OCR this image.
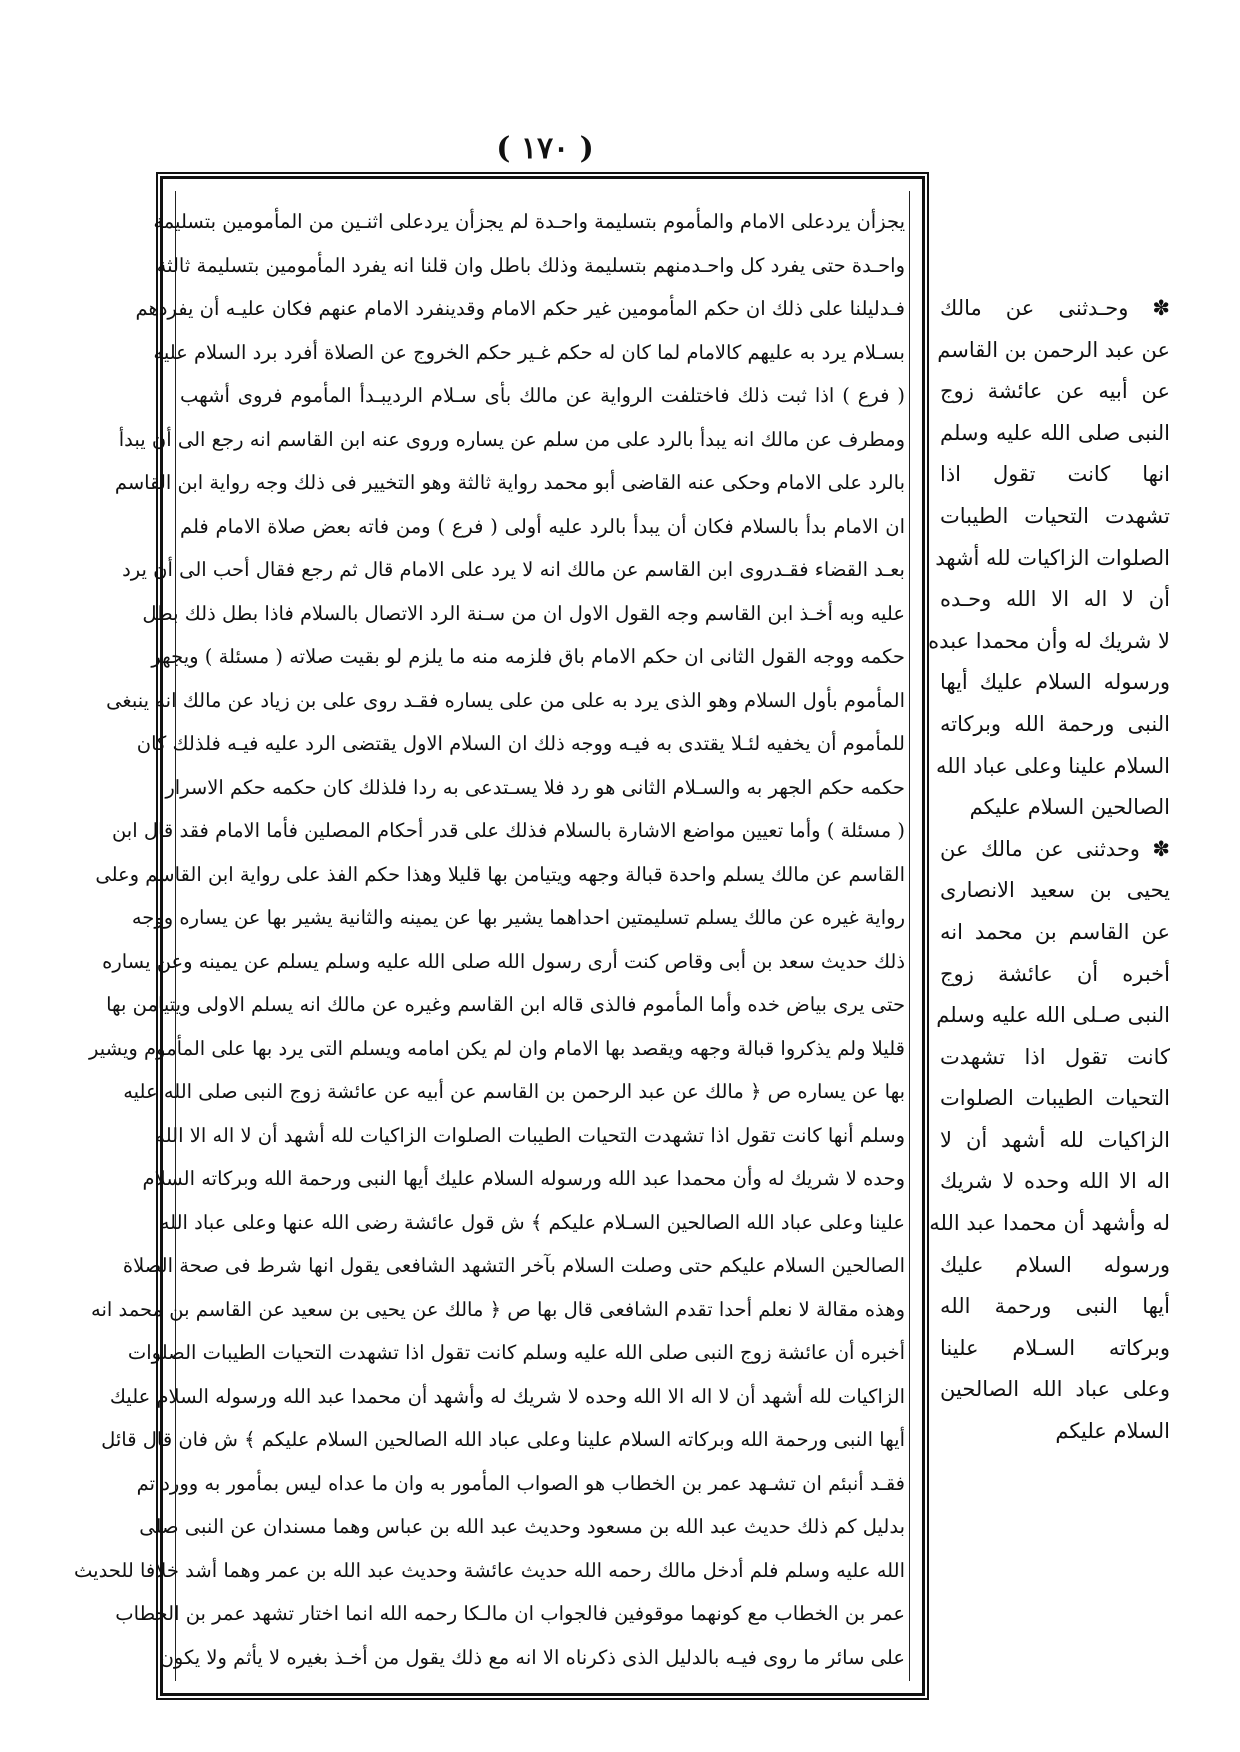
( ١٧٠ )
يجزأن يردعلى الامام والمأموم بتسليمة واحـدة لم يجزأن يردعلى اثنـين من المأمومين بتسليمة
واحـدة حتى يفرد كل واحـدمنهم بتسليمة وذلك باطل وان قلنا انه يفرد المأمومين بتسليمة ثالثة
فـدليلنا على ذلك ان حكم المأمومين غير حكم الامام وقدينفرد الامام عنهم فكان عليـه أن يفردهم
بسـلام يرد به عليهم كالامام لما كان له حكم غـير حكم الخروج عن الصلاة أفرد برد السلام عليه
( فرع ) اذا ثبت ذلك فاختلفت الرواية عن مالك بأى سـلام الرديبـدأ المأموم فروى أشهب
ومطرف عن مالك انه يبدأ بالرد على من سلم عن يساره وروى عنه ابن القاسم انه رجع الى أن يبدأ
بالرد على الامام وحكى عنه القاضى أبو محمد رواية ثالثة وهو التخيير فى ذلك وجه رواية ابن القاسم
ان الامام بدأ بالسلام فكان أن يبدأ بالرد عليه أولى ( فرع ) ومن فاته بعض صلاة الامام فلم
بعـد القضاء فقـدروى ابن القاسم عن مالك انه لا يرد على الامام قال ثم رجع فقال أحب الى أن يرد
عليه وبه أخـذ ابن القاسم وجه القول الاول ان من سـنة الرد الاتصال بالسلام فاذا بطل ذلك بطل
حكمه ووجه القول الثانى ان حكم الامام باق فلزمه منه ما يلزم لو بقيت صلاته ( مسئلة ) ويجهر
المأموم بأول السلام وهو الذى يرد به على من على يساره فقـد روى على بن زياد عن مالك انه ينبغى
للمأموم أن يخفيه لئـلا يقتدى به فيـه ووجه ذلك ان السلام الاول يقتضى الرد عليه فيـه فلذلك كان
حكمه حكم الجهر به والسـلام الثانى هو رد فلا يسـتدعى به ردا فلذلك كان حكمه حكم الاسرار
( مسئلة ) وأما تعيين مواضع الاشارة بالسلام فذلك على قدر أحكام المصلين فأما الامام فقد قال ابن
القاسم عن مالك يسلم واحدة قبالة وجهه ويتيامن بها قليلا وهذا حكم الفذ على رواية ابن القاسم وعلى
رواية غيره عن مالك يسلم تسليمتين احداهما يشير بها عن يمينه والثانية يشير بها عن يساره ووجه
ذلك حديث سعد بن أبى وقاص كنت أرى رسول الله صلى الله عليه وسلم يسلم عن يمينه وعن يساره
حتى يرى بياض خده وأما المأموم فالذى قاله ابن القاسم وغيره عن مالك انه يسلم الاولى ويتيامن بها
قليلا ولم يذكروا قبالة وجهه ويقصد بها الامام وان لم يكن امامه ويسلم التى يرد بها على المأموم ويشير
بها عن يساره ص ﴿ مالك عن عبد الرحمن بن القاسم عن أبيه عن عائشة زوج النبى صلى الله عليه
وسلم أنها كانت تقول اذا تشهدت التحيات الطيبات الصلوات الزاكيات لله أشهد أن لا اله الا الله
وحده لا شريك له وأن محمدا عبد الله ورسوله السلام عليك أيها النبى ورحمة الله وبركاته السلام
علينا وعلى عباد الله الصالحين السـلام عليكم ﴾ ش قول عائشة رضى الله عنها وعلى عباد الله
الصالحين السلام عليكم حتى وصلت السلام بآخر التشهد الشافعى يقول انها شرط فى صحة الصلاة
وهذه مقالة لا نعلم أحدا تقدم الشافعى قال بها ص ﴿ مالك عن يحيى بن سعيد عن القاسم بن محمد انه
أخبره أن عائشة زوج النبى صلى الله عليه وسلم كانت تقول اذا تشهدت التحيات الطيبات الصلوات
الزاكيات لله أشهد أن لا اله الا الله وحده لا شريك له وأشهد أن محمدا عبد الله ورسوله السلام عليك
أيها النبى ورحمة الله وبركاته السلام علينا وعلى عباد الله الصالحين السلام عليكم ﴾ ش فان قال قائل
فقـد أنبئم ان تشـهد عمر بن الخطاب هو الصواب المأمور به وان ما عداه ليس بمأمور به وورد تم
بدليل كم ذلك حديث عبد الله بن مسعود وحديث عبد الله بن عباس وهما مسندان عن النبى صلى
الله عليه وسلم فلم أدخل مالك رحمه الله حديث عائشة وحديث عبد الله بن عمر وهما أشد خلافا للحديث
عمر بن الخطاب مع كونهما موقوفين فالجواب ان مالـكا رحمه الله انما اختار تشهد عمر بن الخطاب
على سائر ما روى فيـه بالدليل الذى ذكرناه الا انه مع ذلك يقول من أخـذ بغيره لا يأثم ولا يكون
✽ وحـدثنى عن مالك
عن عبد الرحمن بن القاسم
عن أبيه عن عائشة زوج
النبى صلى الله عليه وسلم
انها كانت تقول اذا
تشهدت التحيات الطيبات
الصلوات الزاكيات لله أشهد
أن لا اله الا الله وحـده
لا شريك له وأن محمدا عبده
ورسوله السلام عليك أيها
النبى ورحمة الله وبركاته
السلام علينا وعلى عباد الله
الصالحين السلام عليكم
✽ وحدثنى عن مالك عن
يحيى بن سعيد الانصارى
عن القاسم بن محمد انه
أخبره أن عائشة زوج
النبى صـلى الله عليه وسلم
كانت تقول اذا تشهدت
التحيات الطيبات الصلوات
الزاكيات لله أشهد أن لا
اله الا الله وحده لا شريك
له وأشهد أن محمدا عبد الله
ورسوله السلام عليك
أيها النبى ورحمة الله
وبركاته السـلام علينا
وعلى عباد الله الصالحين
السلام عليكم
